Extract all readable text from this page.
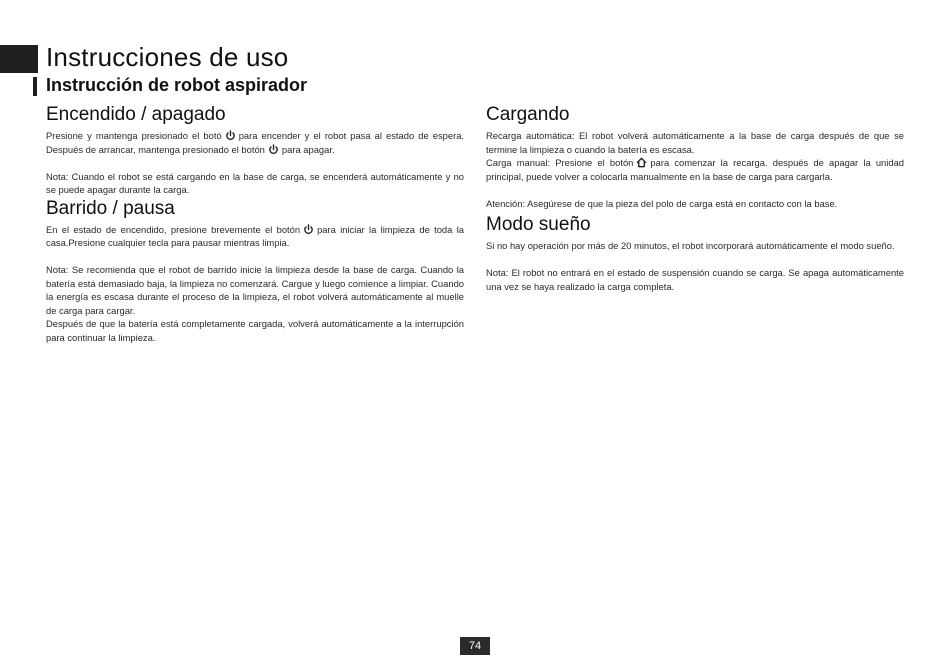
Instrucciones de uso
Instrucción de robot aspirador
Encendido / apagado

Presione y mantenga presionado el botó para encender y el robot pasa al estado de espera. Después de arrancar, mantenga presionado el botón para apagar.

Nota: Cuando el robot se está cargando en la base de carga, se encenderá automáticamente y no se puede apagar durante la carga.

Barrido / pausa

En el estado de encendido, presione brevemente el botón para iniciar la limpieza de toda la casa.Presione cualquier tecla para pausar mientras limpia.

Nota: Se recomienda que el robot de barrido inicie la limpieza desde la base de carga. Cuando la batería está demasiado baja, la limpieza no comenzará. Cargue y luego comience a limpiar. Cuando la energía es escasa durante el proceso de la limpieza, el robot volverá automáticamente al muelle de carga para cargar.

Después de que la batería está completamente cargada, volverá automáticamente a la interrupción para continuar la limpieza.

Cargando

Recarga automática: El robot volverá automáticamente a la base de carga después de que se termine la limpieza o cuando la batería es escasa.

Carga manual: Presione el botón para comenzar la recarga. después de apagar la unidad principal, puede volver a colocarla manualmente en la base de carga para cargarla.

Atención: Asegúrese de que la pieza del polo de carga está en contacto con la base.

Modo sueño

Si no hay operación por más de 20 minutos, el robot incorporará automáticamente el modo sueño.

Nota: El robot no entrará en el estado de suspensión cuando se carga. Se apaga automáticamente una vez se haya realizado la carga completa.

74
